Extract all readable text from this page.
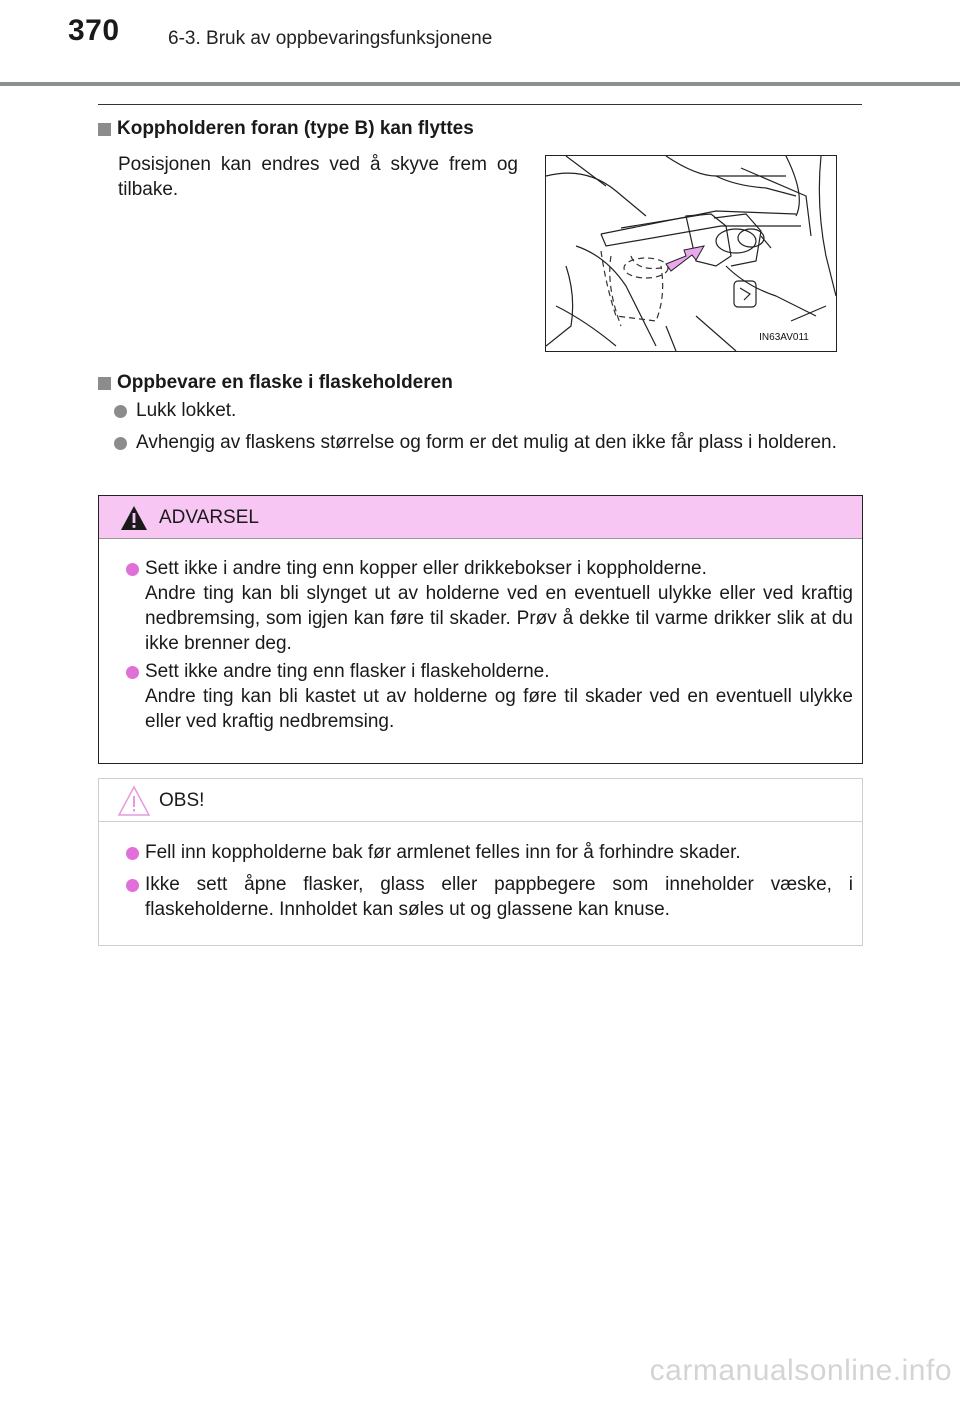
370	6-3. Bruk av oppbevaringsfunksjonene
Koppholderen foran (type B) kan flyttes
Posisjonen kan endres ved å skyve frem og tilbake.
IN63AV011
Oppbevare en flaske i flaskeholderen
Lukk lokket.
Avhengig av flaskens størrelse og form er det mulig at den ikke får plass i holderen.
ADVARSEL
Sett ikke i andre ting enn kopper eller drikkebokser i koppholderne.
Andre ting kan bli slynget ut av holderne ved en eventuell ulykke eller ved kraftig nedbremsing, som igjen kan føre til skader. Prøv å dekke til varme drikker slik at du ikke brenner deg.
Sett ikke andre ting enn flasker i flaskeholderne.
Andre ting kan bli kastet ut av holderne og føre til skader ved en eventuell ulykke eller ved kraftig nedbremsing.
OBS!
Fell inn koppholderne bak før armlenet felles inn for å forhindre skader.
Ikke sett åpne flasker, glass eller pappbegere som inneholder væske, i flaskeholderne. Innholdet kan søles ut og glassene kan knuse.
carmanualsonline.info
